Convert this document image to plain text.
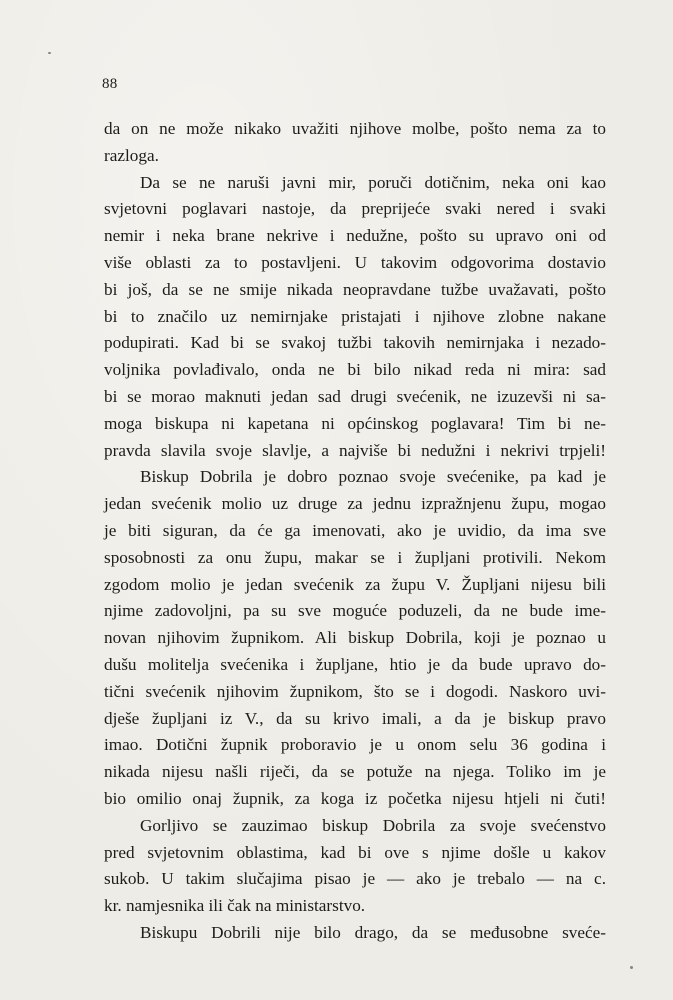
88
da on ne može nikako uvažiti njihove molbe, pošto nema za to
razloga.
Da se ne naruši javni mir, poruči dotičnim, neka oni kao
svjetovni poglavari nastoje, da preprijeće svaki nered i svaki
nemir i neka brane nekrive i nedužne, pošto su upravo oni od
više oblasti za to postavljeni. U takovim odgovorima dostavio
bi još, da se ne smije nikada neopravdane tužbe uvažavati, pošto
bi to značilo uz nemirnjake pristajati i njihove zlobne nakane
podupirati. Kad bi se svakoj tužbi takovih nemirnjaka i nezado-
voljnika povlađivalo, onda ne bi bilo nikad reda ni mira: sad
bi se morao maknuti jedan sad drugi svećenik, ne izuzevši ni sa-
moga biskupa ni kapetana ni općinskog poglavara! Tim bi ne-
pravda slavila svoje slavlje, a najviše bi nedužni i nekrivi trpjeli!
Biskup Dobrila je dobro poznao svoje svećenike, pa kad je
jedan svećenik molio uz druge za jednu izpražnjenu župu, mogao
je biti siguran, da će ga imenovati, ako je uvidio, da ima sve
sposobnosti za onu župu, makar se i župljani protivili. Nekom
zgodom molio je jedan svećenik za župu V. Župljani nijesu bili
njime zadovoljni, pa su sve moguće poduzeli, da ne bude ime-
novan njihovim župnikom. Ali biskup Dobrila, koji je poznao u
dušu molitelja svećenika i župljane, htio je da bude upravo do-
tični svećenik njihovim župnikom, što se i dogodi. Naskoro uvi-
dješe župljani iz V., da su krivo imali, a da je biskup pravo
imao. Dotični župnik proboravio je u onom selu 36 godina i
nikada nijesu našli riječi, da se potuže na njega. Toliko im je
bio omilio onaj župnik, za koga iz početka nijesu htjeli ni čuti!
Gorljivo se zauzimao biskup Dobrila za svoje svećenstvo
pred svjetovnim oblastima, kad bi ove s njime došle u kakov
sukob. U takim slučajima pisao je — ako je trebalo — na c.
kr. namjesnika ili čak na ministarstvo.
Biskupu Dobrili nije bilo drago, da se međusobne sveće-
